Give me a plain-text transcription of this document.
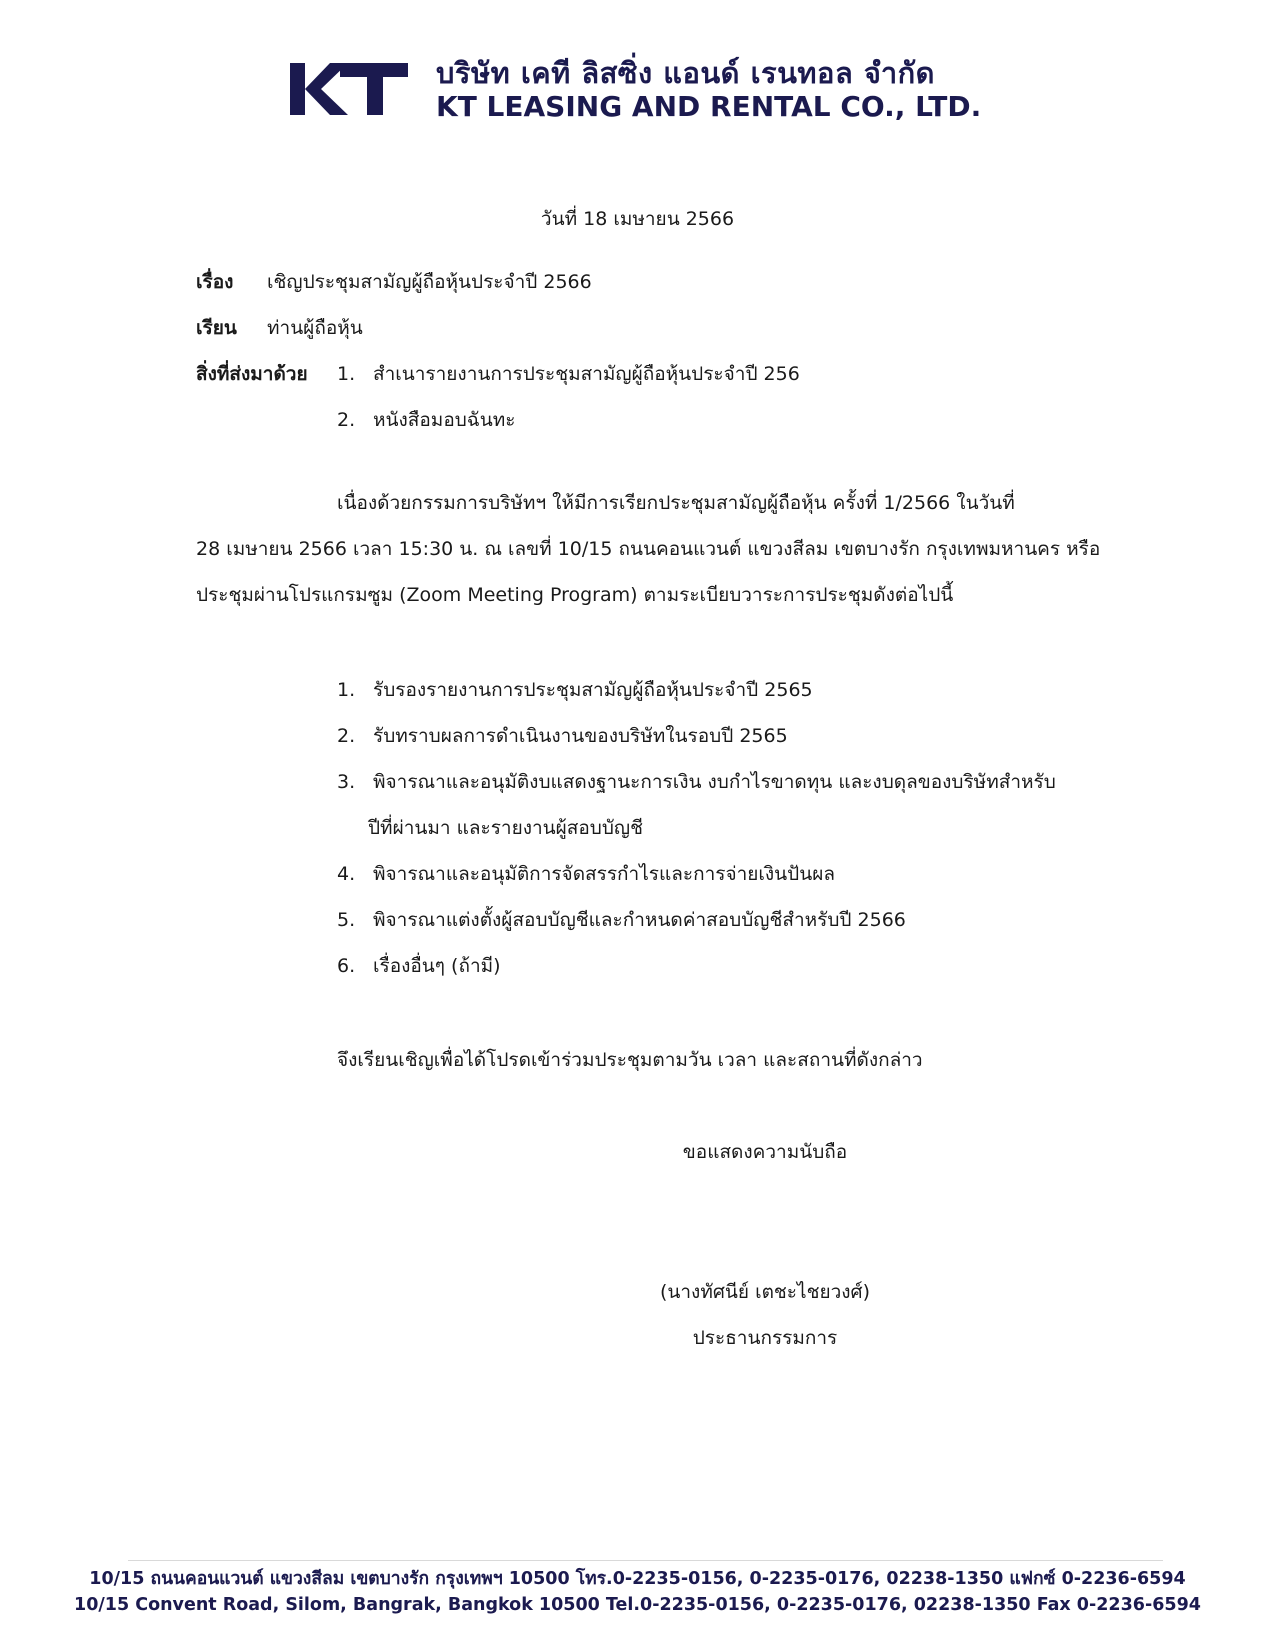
KT	บริษัท เคที ลิสซิ่ง แอนด์ เรนทอล จำกัด
KT LEASING AND RENTAL CO., LTD.
วันที่ 18 เมษายน 2566
เรื่อง เชิญประชุมสามัญผู้ถือหุ้นประจำปี 2566
เรียน ท่านผู้ถือหุ้น
สิ่งที่ส่งมาด้วย 1. สำเนารายงานการประชุมสามัญผู้ถือหุ้นประจำปี 256
2. หนังสือมอบฉันทะ
เนื่องด้วยกรรมการบริษัทฯ ให้มีการเรียกประชุมสามัญผู้ถือหุ้น ครั้งที่ 1/2566 ในวันที่
28 เมษายน 2566 เวลา 15:30 น. ณ เลขที่ 10/15 ถนนคอนแวนต์ แขวงสีลม เขตบางรัก กรุงเทพมหานคร หรือ
ประชุมผ่านโปรแกรมซูม (Zoom Meeting Program) ตามระเบียบวาระการประชุมดังต่อไปนี้
1. รับรองรายงานการประชุมสามัญผู้ถือหุ้นประจำปี 2565
2. รับทราบผลการดำเนินงานของบริษัทในรอบปี 2565
3. พิจารณาและอนุมัติงบแสดงฐานะการเงิน งบกำไรขาดทุน และงบดุลของบริษัทสำหรับ
ปีที่ผ่านมา และรายงานผู้สอบบัญชี
4. พิจารณาและอนุมัติการจัดสรรกำไรและการจ่ายเงินปันผล
5. พิจารณาแต่งตั้งผู้สอบบัญชีและกำหนดค่าสอบบัญชีสำหรับปี 2566
6. เรื่องอื่นๆ (ถ้ามี)
จึงเรียนเชิญเพื่อได้โปรดเข้าร่วมประชุมตามวัน เวลา และสถานที่ดังกล่าว
ขอแสดงความนับถือ
(นางทัศนีย์ เตชะไชยวงศ์)
ประธานกรรมการ
10/15 ถนนคอนแวนต์ แขวงสีลม เขตบางรัก กรุงเทพฯ 10500 โทร.0-2235-0156, 0-2235-0176, 02238-1350 แฟกซ์ 0-2236-6594
10/15 Convent Road, Silom, Bangrak, Bangkok 10500 Tel.0-2235-0156, 0-2235-0176, 02238-1350 Fax 0-2236-6594
